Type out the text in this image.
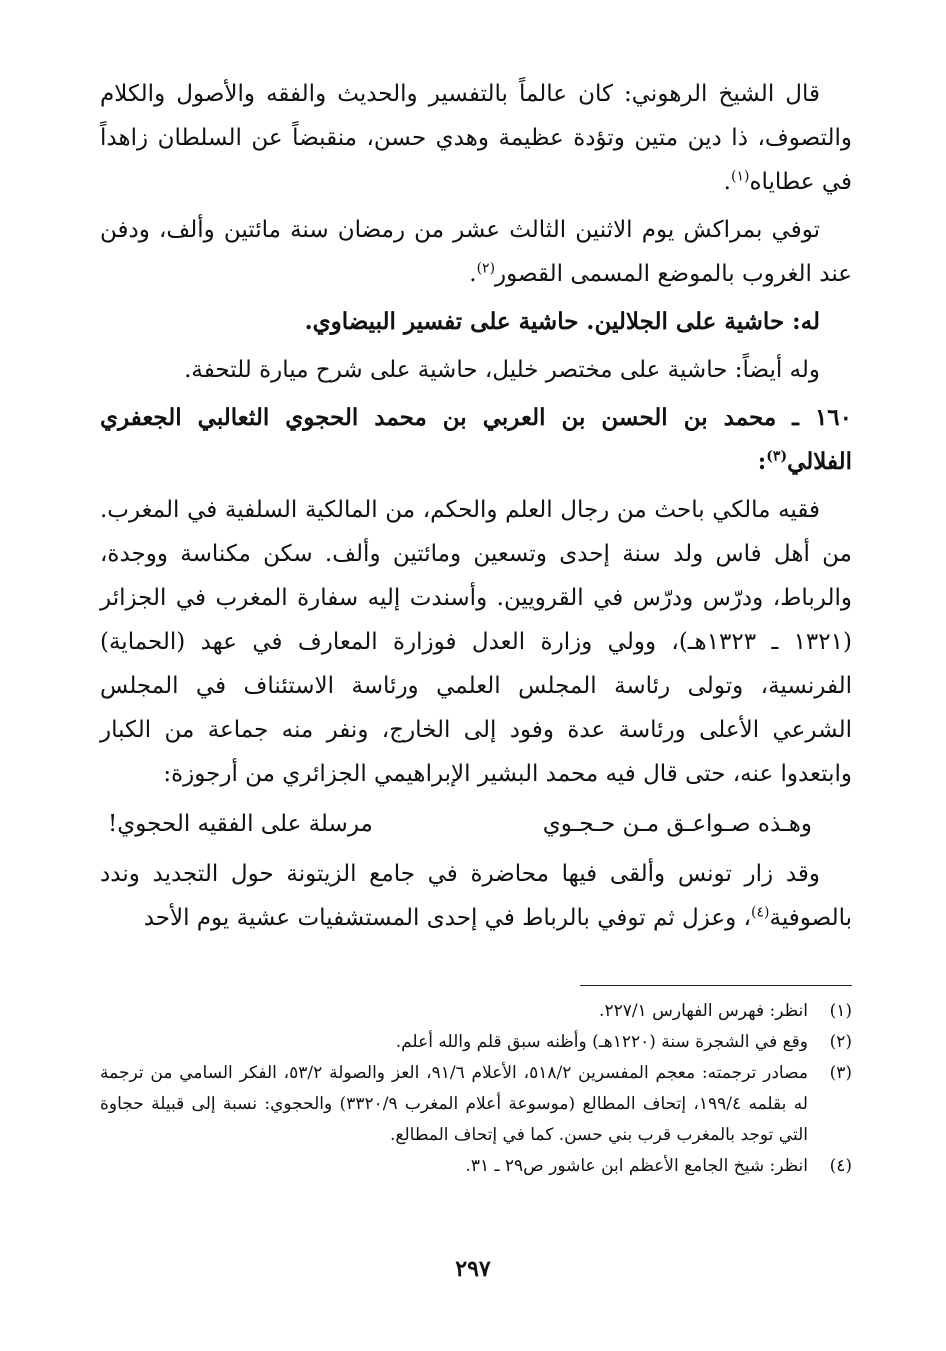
قال الشيخ الرهوني: كان عالماً بالتفسير والحديث والفقه والأصول والكلام والتصوف، ذا دين متين وتؤدة عظيمة وهدي حسن، منقبضاً عن السلطان زاهداً في عطاياه$^{(١)}$.

توفي بمراكش يوم الاثنين الثالث عشر من رمضان سنة مائتين وألف، ودفن عند الغروب بالموضع المسمى القصور$^{(٢)}$.

له: حاشية على الجلالين. حاشية على تفسير البيضاوي.

وله أيضاً: حاشية على مختصر خليل، حاشية على شرح ميارة للتحفة.

١٦٠ ـ محمد بن الحسن بن العربي بن محمد الحجوي الثعالبي الجعفري الفلالي$^{(٣)}$:

فقيه مالكي باحث من رجال العلم والحكم، من المالكية السلفية في المغرب. من أهل فاس ولد سنة إحدى وتسعين ومائتين وألف. سكن مكناسة ووجدة، والرباط، ودرّس ودرّس في القرويين. وأسندت إليه سفارة المغرب في الجزائر (١٣٢١ ـ ١٣٢٣هـ)، وولي وزارة العدل فوزارة المعارف في عهد (الحماية) الفرنسية، وتولى رئاسة المجلس العلمي ورئاسة الاستئناف في المجلس الشرعي الأعلى ورئاسة عدة وفود إلى الخارج، ونفر منه جماعة من الكبار وابتعدوا عنه، حتى قال فيه محمد البشير الإبراهيمي الجزائري من أرجوزة:

وهـذه صـواعـق مـن حـجـوي
مرسلة على الفقيه الحجوي!

وقد زار تونس وألقى فيها محاضرة في جامع الزيتونة حول التجديد وندد بالصوفية$^{(٤)}$، وعزل ثم توفي بالرباط في إحدى المستشفيات عشية يوم الأحد

(١)
انظر: فهرس الفهارس ٢٢٧/١.
(٢)
وقع في الشجرة سنة (١٢٢٠هـ) وأظنه سبق قلم والله أعلم.
(٣)
مصادر ترجمته: معجم المفسرين ٥١٨/٢، الأعلام ٩١/٦، العز والصولة ٥٣/٢، الفكر السامي من ترجمة له بقلمه ١٩٩/٤، إتحاف المطالع (موسوعة أعلام المغرب ٣٣٢٠/٩) والحجوي: نسبة إلى قبيلة حجاوة التي توجد بالمغرب قرب بني حسن. كما في إتحاف المطالع.
(٤)
انظر: شيخ الجامع الأعظم ابن عاشور ص٢٩ ـ ٣١.
٢٩٧
